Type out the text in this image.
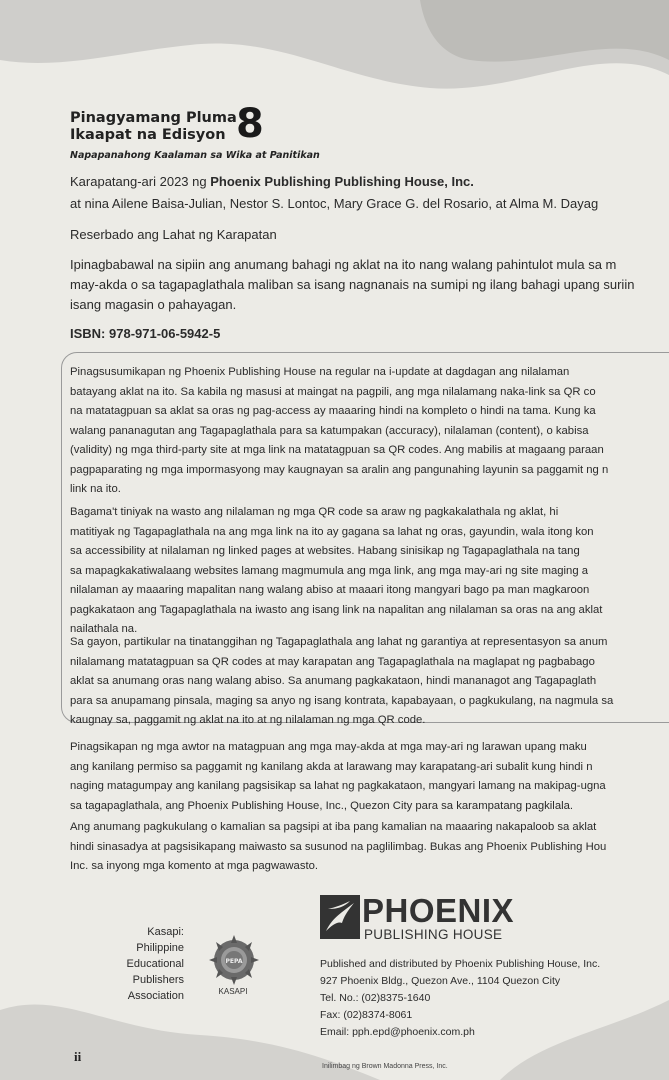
Pinagyamang Pluma
Ikaapat na Edisyon 8
Napapanahong Kaalaman sa Wika at Panitikan
Karapatang-ari 2023 ng Phoenix Publishing Publishing House, Inc.
at nina Ailene Baisa-Julian, Nestor S. Lontoc, Mary Grace G. del Rosario, at Alma M. Dayag
Reserbado ang Lahat ng Karapatan
Ipinagbabawal na sipiin ang anumang bahagi ng aklat na ito nang walang pahintulot mula sa m
may-akda o sa tagapaglathala maliban sa isang nagnanais na sumipi ng ilang bahagi upang suriin
isang magasin o pahayagan.
ISBN: 978-971-06-5942-5
Pinagsusumikapan ng Phoenix Publishing House na regular na i-update at dagdagan ang nilalaman
batayang aklat na ito. Sa kabila ng masusi at maingat na pagpili, ang mga nilalamang naka-link sa QR co
na matatagpuan sa aklat sa oras ng pag-access ay maaaring hindi na kompleto o hindi na tama. Kung ka
walang pananagutan ang Tagapaglathala para sa katumpakan (accuracy), nilalaman (content), o kabisa
(validity) ng mga third-party site at mga link na matatagpuan sa QR codes. Ang mabilis at magaang paraan
pagpaparating ng mga impormasyong may kaugnayan sa aralin ang pangunahing layunin sa paggamit ng n
link na ito.
Bagama't tiniyak na wasto ang nilalaman ng mga QR code sa araw ng pagkakalathala ng aklat, hi
matitiyak ng Tagapaglathala na ang mga link na ito ay gagana sa lahat ng oras, gayundin, wala itong kon
sa accessibility at nilalaman ng linked pages at websites. Habang sinisikap ng Tagapaglathala na tang
sa mapagkakatiwalaang websites lamang magmumula ang mga link, ang mga may-ari ng site maging a
nilalaman ay maaaring mapalitan nang walang abiso at maaari itong mangyari bago pa man magkaroon
pagkakataon ang Tagapaglathala na iwasto ang isang link na napalitan ang nilalaman sa oras na ang aklat
nailathala na.
Sa gayon, partikular na tinatanggihan ng Tagapaglathala ang lahat ng garantiya at representasyon sa anum
nilalamang matatagpuan sa QR codes at may karapatan ang Tagapaglathala na maglapat ng pagbabago
aklat sa anumang oras nang walang abiso. Sa anumang pagkakataon, hindi mananagot ang Tagapaglath
para sa anupamang pinsala, maging sa anyo ng isang kontrata, kapabayaan, o pagkukulang, na nagmula sa
kaugnay sa, paggamit ng aklat na ito at ng nilalaman ng mga QR code.
Pinagsikapan ng mga awtor na matagpuan ang mga may-akda at mga may-ari ng larawan upang maku
ang kanilang permiso sa paggamit ng kanilang akda at larawang may karapatang-ari subalit kung hindi n
naging matagumpay ang kanilang pagsisikap sa lahat ng pagkakataon, mangyari lamang na makipag-ugna
sa tagapaglathala, ang Phoenix Publishing House, Inc., Quezon City para sa karampatang pagkilala.
Ang anumang pagkukulang o kamalian sa pagsipi at iba pang kamalian na maaaring nakapaloob sa aklat
hindi sinasadya at pagsisikapang maiwasto sa susunod na paglilimbag. Bukas ang Phoenix Publishing Hou
Inc. sa inyong mga komento at mga pagwawasto.
Kasapi:
Philippine
Educational
Publishers
Association
PEPA
KASAPI
PHOENIX
PUBLISHING HOUSE
Published and distributed by Phoenix Publishing House, Inc.
927 Phoenix Bldg., Quezon Ave., 1104 Quezon City
Tel. No.: (02)8375-1640
Fax: (02)8374-8061
Email: pph.epd@phoenix.com.ph
ii
Inilimbag ng Brown Madonna Press, Inc.
